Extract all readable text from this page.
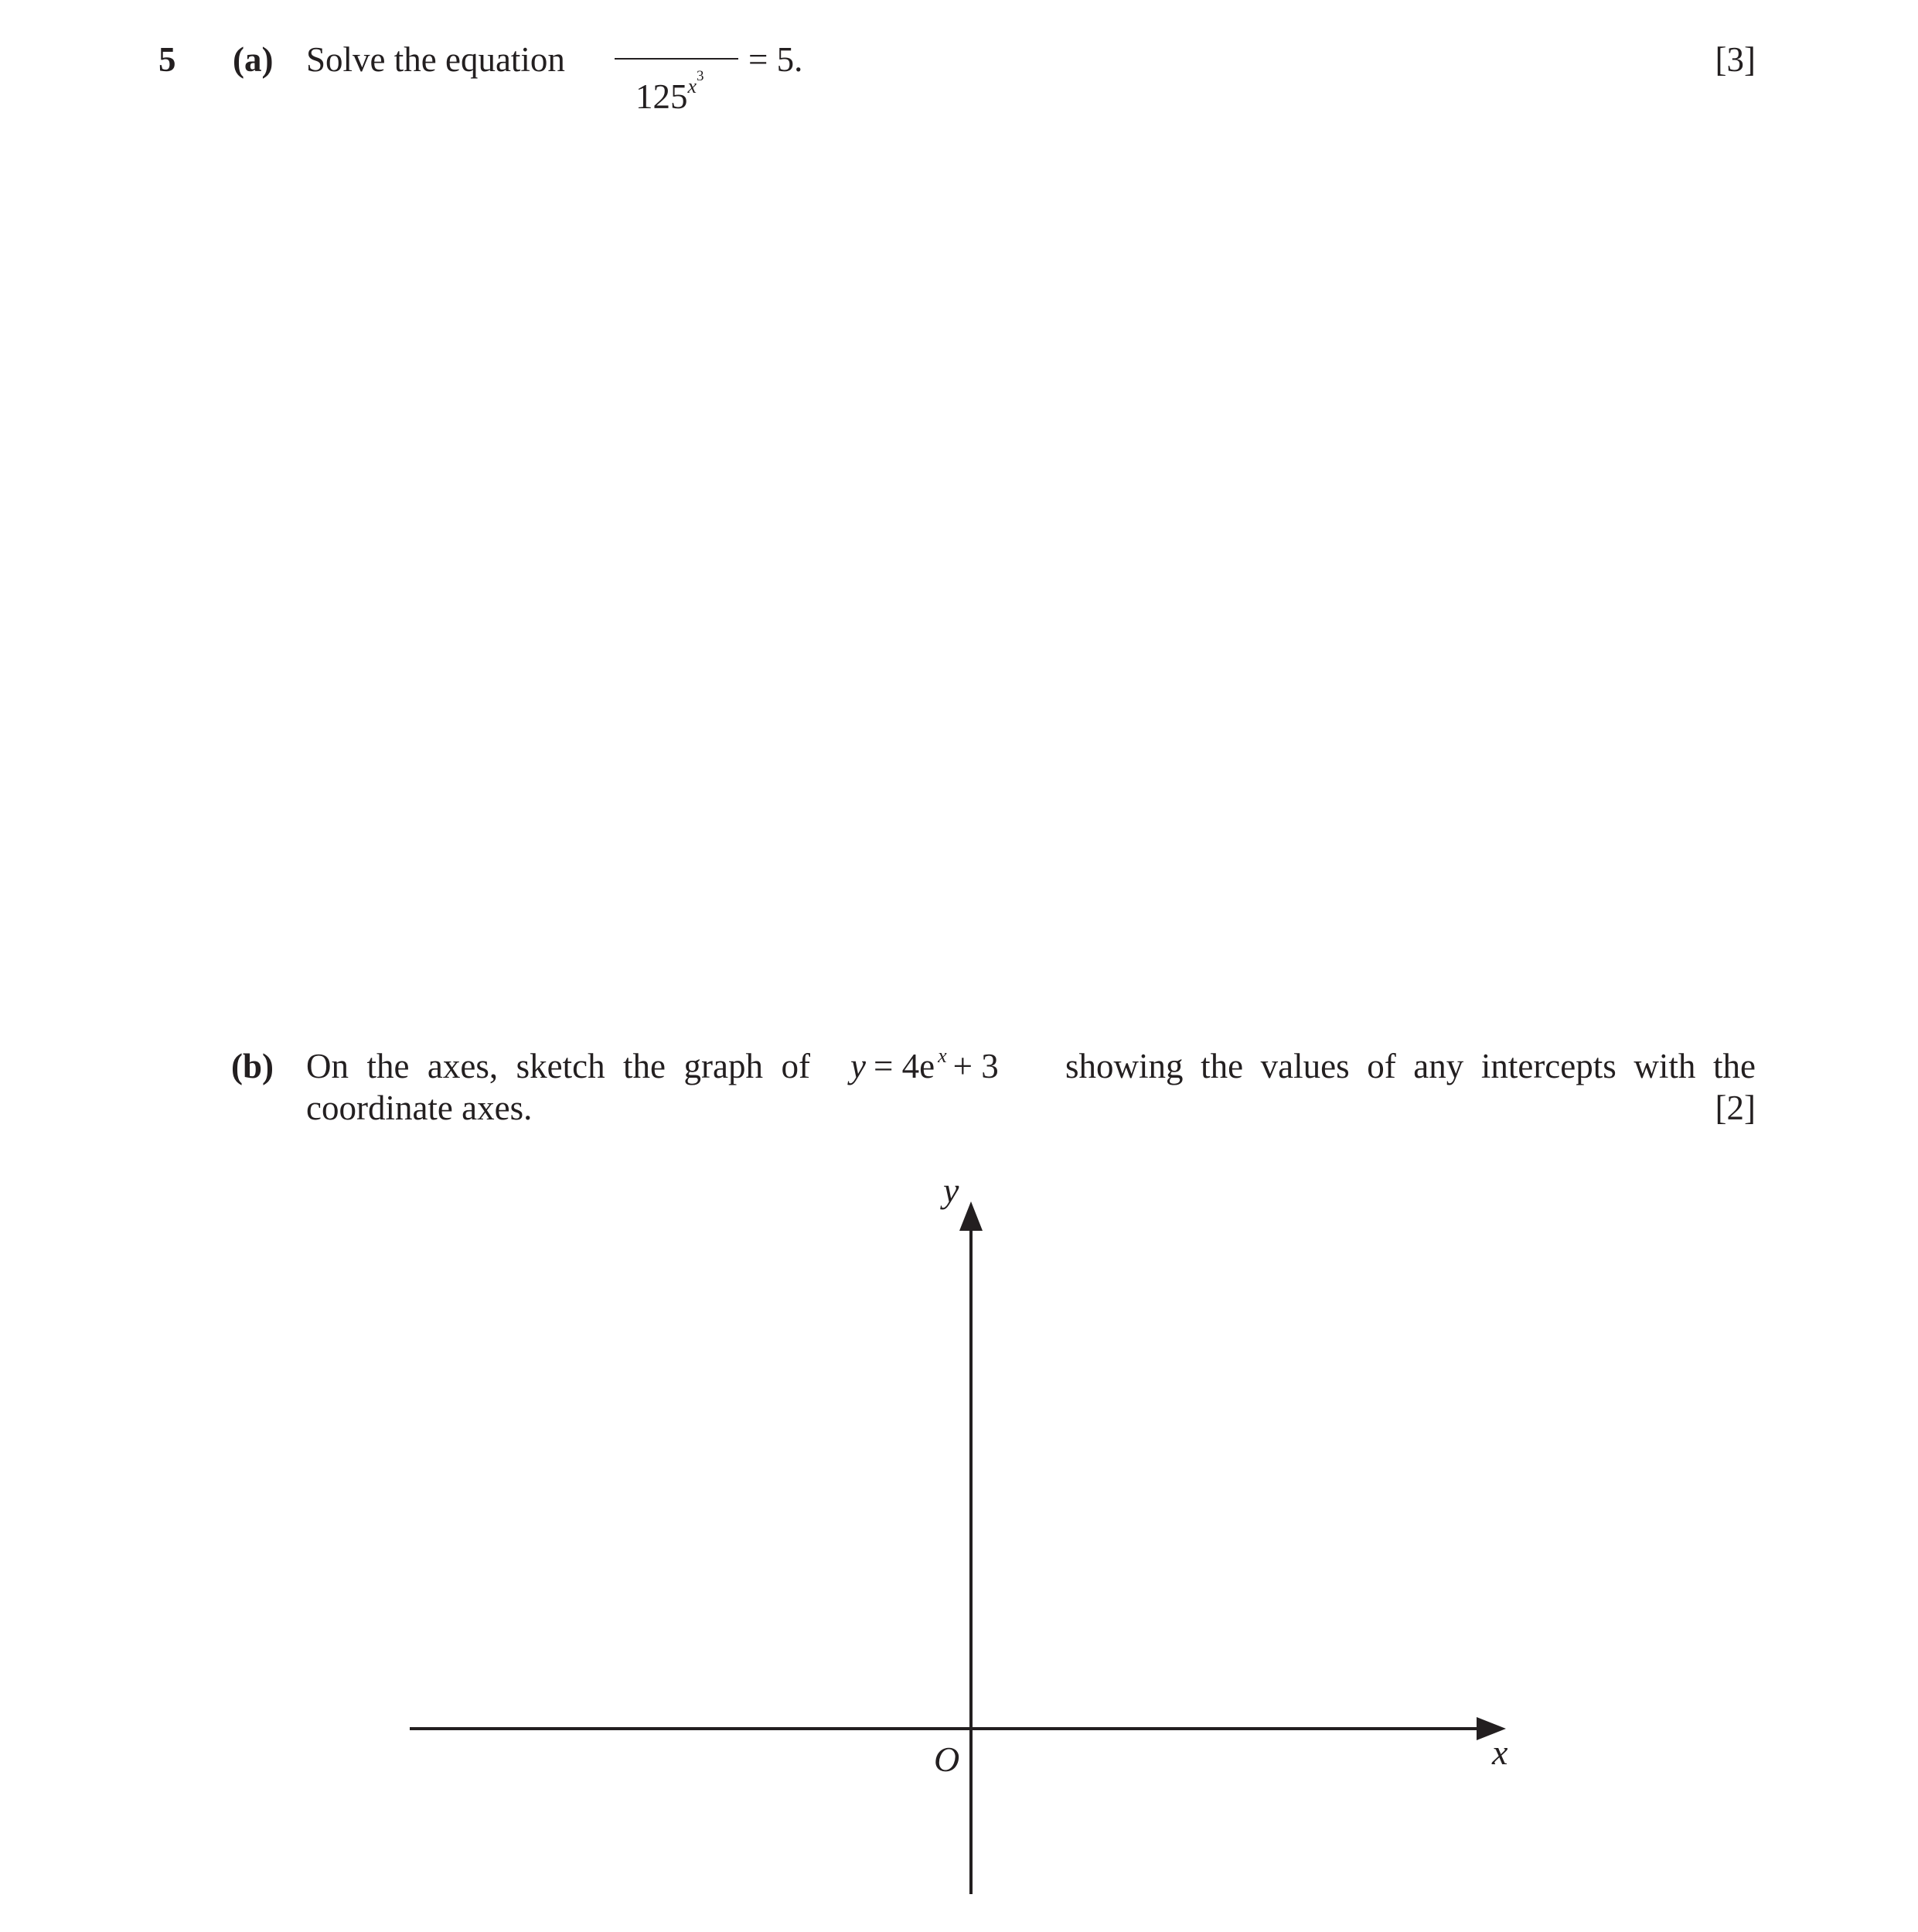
5 (a) Solve the equation
$125^{x3} = 5$.	[3]
(b) On the axes, sketch the graph of y = 4e $^x$ + 3 showing the values of any intercepts with the
coordinate axes.	[2]
y
x
O
